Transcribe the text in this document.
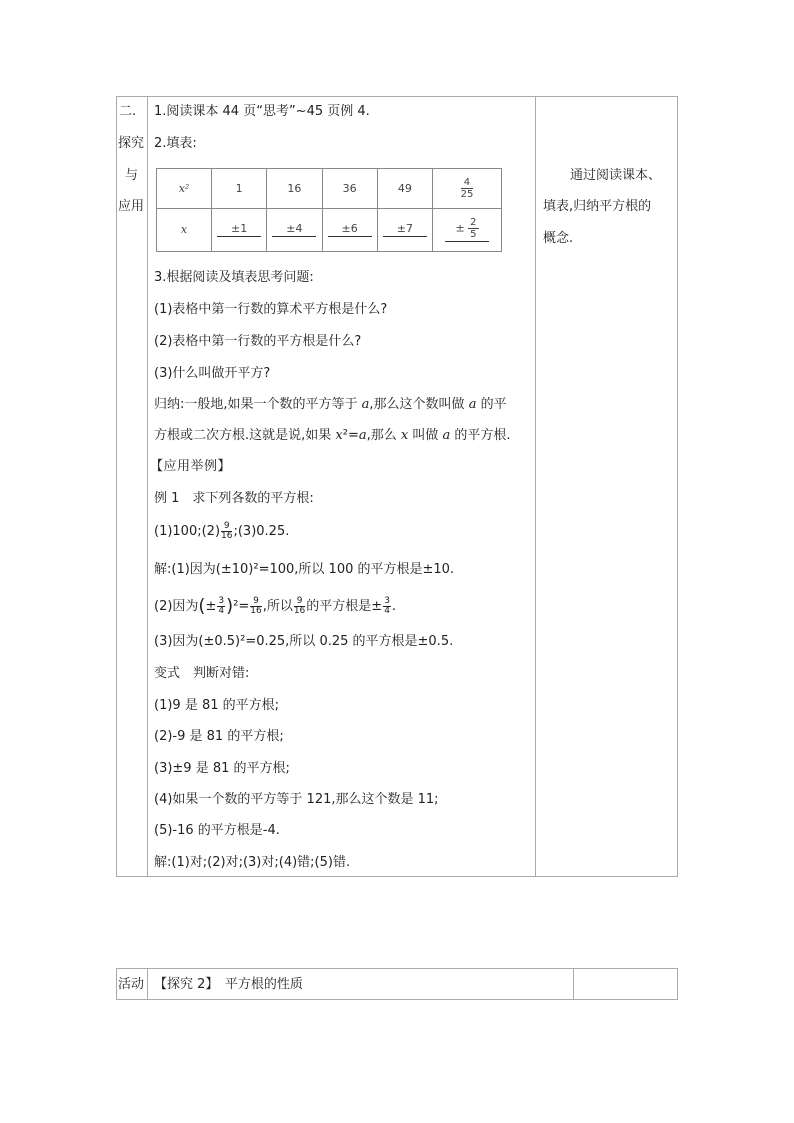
二.
探究
与
应用
1.阅读课本 44 页“思考”~45 页例 4.
2.填表:
x²	1	16	36	49	$\frac{4}{25}$

x	±1	±4	±6	±7	± $\frac{2}{5}$
3.根据阅读及填表思考问题:
(1)表格中第一行数的算术平方根是什么?
(2)表格中第一行数的平方根是什么?
(3)什么叫做开平方?
归纳:一般地,如果一个数的平方等于 a,那么这个数叫做 a 的平
方根或二次方根.这就是说,如果 x²=a,那么 x 叫做 a 的平方根.
【应用举例】
例 1　求下列各数的平方根:
(1)100;(2) $\frac{9}{16}$ ;(3)0.25.
解:(1)因为(±10)²=100,所以 100 的平方根是±10.
(2)因为(± $\frac{3}{4} )^2= \frac{9}{16}$ ,所以 $\frac{9}{16}$ 的平方根是± $\frac{3}{4}$ .
(3)因为(±0.5)²=0.25,所以 0.25 的平方根是±0.5.
变式　判断对错:
(1)9 是 81 的平方根;
(2)-9 是 81 的平方根;
(3)±9 是 81 的平方根;
(4)如果一个数的平方等于 121,那么这个数是 11;
(5)-16 的平方根是-4.
解:(1)对;(2)对;(3)对;(4)错;(5)错.
通过阅读课本、
填表,归纳平方根的
概念.
活动 【探究 2】　平方根的性质
